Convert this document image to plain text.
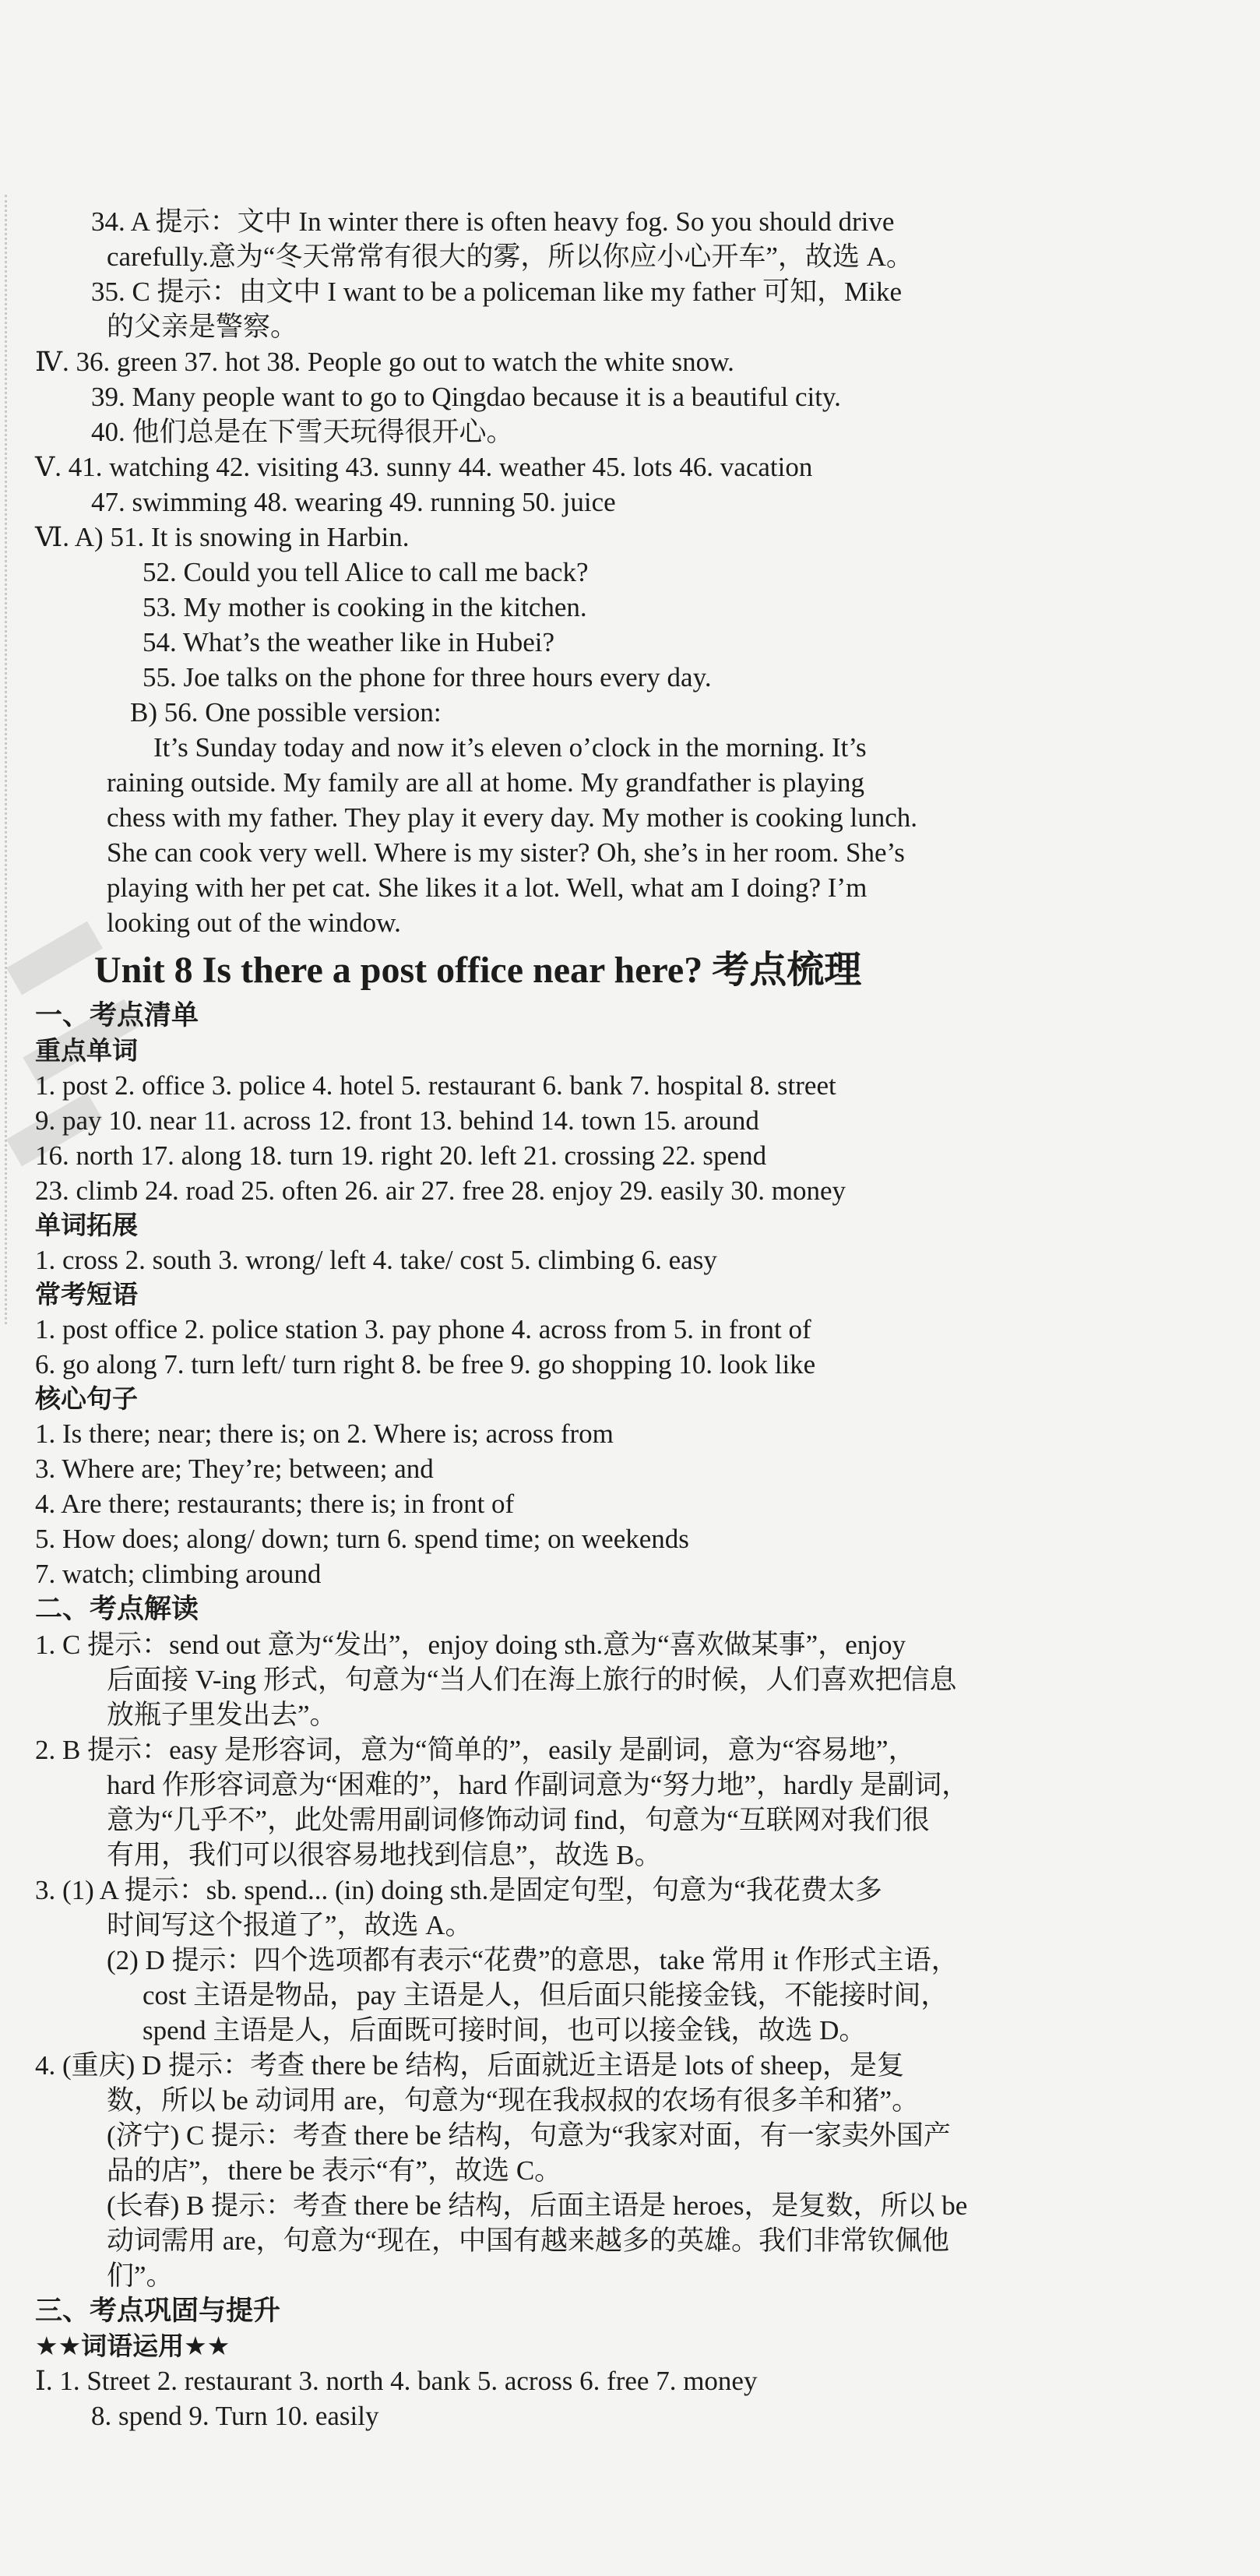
34. A 提示：文中 In winter there is often heavy fog. So you should drive
carefully.意为“冬天常常有很大的雾，所以你应小心开车”，故选 A。
35. C 提示：由文中 I want to be a policeman like my father 可知，Mike
的父亲是警察。
Ⅳ. 36. green 37. hot 38. People go out to watch the white snow.
39. Many people want to go to Qingdao because it is a beautiful city.
40. 他们总是在下雪天玩得很开心。
Ⅴ. 41. watching 42. visiting 43. sunny 44. weather 45. lots 46. vacation
47. swimming 48. wearing 49. running 50. juice
Ⅵ. A) 51. It is snowing in Harbin.
52. Could you tell Alice to call me back?
53. My mother is cooking in the kitchen.
54. What’s the weather like in Hubei?
55. Joe talks on the phone for three hours every day.
B) 56. One possible version:
It’s Sunday today and now it’s eleven o’clock in the morning. It’s
raining outside. My family are all at home. My grandfather is playing
chess with my father. They play it every day. My mother is cooking lunch.
She can cook very well. Where is my sister? Oh, she’s in her room. She’s
playing with her pet cat. She likes it a lot. Well, what am I doing? I’m
looking out of the window.
Unit 8 Is there a post office near here? 考点梳理
一、考点清单
重点单词
1. post 2. office 3. police 4. hotel 5. restaurant 6. bank 7. hospital 8. street
9. pay 10. near 11. across 12. front 13. behind 14. town 15. around
16. north 17. along 18. turn 19. right 20. left 21. crossing 22. spend
23. climb 24. road 25. often 26. air 27. free 28. enjoy 29. easily 30. money
单词拓展
1. cross 2. south 3. wrong/ left 4. take/ cost 5. climbing 6. easy
常考短语
1. post office 2. police station 3. pay phone 4. across from 5. in front of
6. go along 7. turn left/ turn right 8. be free 9. go shopping 10. look like
核心句子
1. Is there; near; there is; on 2. Where is; across from
3. Where are; They’re; between; and
4. Are there; restaurants; there is; in front of
5. How does; along/ down; turn 6. spend time; on weekends
7. watch; climbing around
二、考点解读
1. C 提示：send out 意为“发出”，enjoy doing sth.意为“喜欢做某事”，enjoy
后面接 V-ing 形式，句意为“当人们在海上旅行的时候，人们喜欢把信息
放瓶子里发出去”。
2. B 提示：easy 是形容词，意为“简单的”，easily 是副词，意为“容易地”，
hard 作形容词意为“困难的”，hard 作副词意为“努力地”，hardly 是副词，
意为“几乎不”，此处需用副词修饰动词 find，句意为“互联网对我们很
有用，我们可以很容易地找到信息”，故选 B。
3. (1) A 提示：sb. spend... (in) doing sth.是固定句型，句意为“我花费太多
时间写这个报道了”，故选 A。
(2) D 提示：四个选项都有表示“花费”的意思，take 常用 it 作形式主语，
cost 主语是物品，pay 主语是人，但后面只能接金钱，不能接时间，
spend 主语是人，后面既可接时间，也可以接金钱，故选 D。
4. (重庆) D 提示：考查 there be 结构，后面就近主语是 lots of sheep，是复
数，所以 be 动词用 are，句意为“现在我叔叔的农场有很多羊和猪”。
(济宁) C 提示：考查 there be 结构，句意为“我家对面，有一家卖外国产
品的店”，there be 表示“有”，故选 C。
(长春) B 提示：考查 there be 结构，后面主语是 heroes，是复数，所以 be
动词需用 are，句意为“现在，中国有越来越多的英雄。我们非常钦佩他
们”。
三、考点巩固与提升
★★词语运用★★
Ⅰ. 1. Street 2. restaurant 3. north 4. bank 5. across 6. free 7. money
8. spend 9. Turn 10. easily
